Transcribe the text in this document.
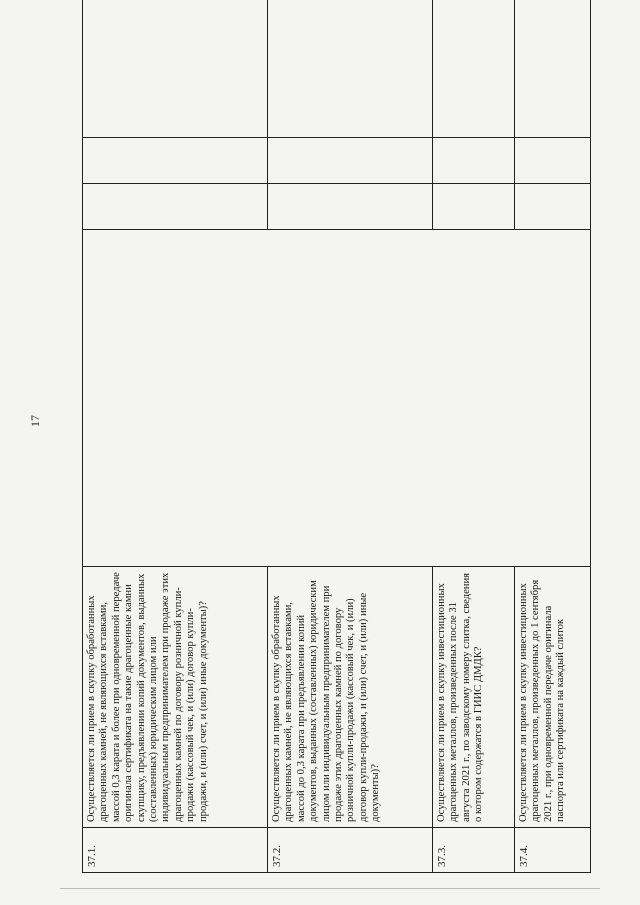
17
37.1.	Осуществляется ли прием в скупку обработанных драгоценных камней, не являющихся вставками, массой 0,3 карата и более при одновременной передаче оригинала сертификата на такие драгоценные камни скупщику, предъявлении копий документов, выданных (составленных) юридическим лицом или индивидуальным предпринимателем при продаже этих драгоценных камней по договору розничной купли-продажи (кассовый чек, и (или) договор купли-продажи, и (или) счет, и (или) иные документы)?				
37.2.	Осуществляется ли прием в скупку обработанных драгоценных камней, не являющихся вставками, массой до 0,3 карата при предъявлении копий документов, выданных (составленных) юридическим лицом или индивидуальным предпринимателем при продаже этих драгоценных камней по договору розничной купли-продажи (кассовый чек, и (или) договор купли-продажи, и (или) счет, и (или) иные документы)?				
37.3.	Осуществляется ли прием в скупку инвестиционных драгоценных металлов, произведенных после 31 августа 2021 г., по заводскому номеру слитка, сведения о котором содержатся в ГИИС ДМДК?				
37.4.	Осуществляется ли прием в скупку инвестиционных драгоценных металлов, произведенных до 1 сентября 2021 г., при одновременной передаче оригинала паспорта или сертификата на каждый слиток				
